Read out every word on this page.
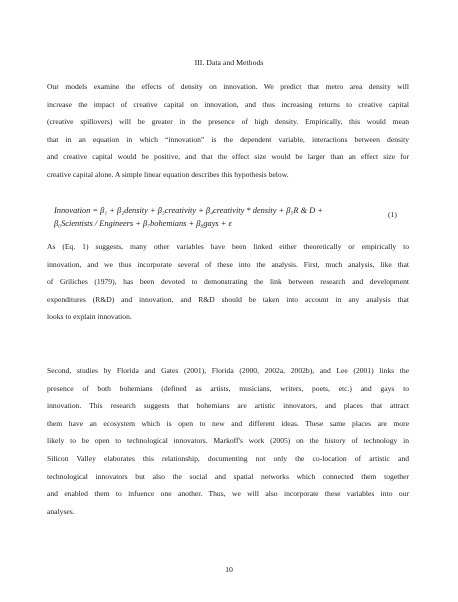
III. Data and Methods
Our models examine the effects of density on innovation. We predict that metro area density will
increase the impact of creative capital on innovation, and thus increasing returns to creative capital
(creative spillovers) will be greater in the presence of high density. Empirically, this would mean
that in an equation in which “innovation” is the dependent variable, interactions between density
and creative capital would be positive, and that the effect size would be larger than an effect size for
creative capital alone. A simple linear equation describes this hypothesis below.
Innovation = β₁ + β₂density + β₃creativity + β₄creativity * density + β₅R & D +
β₆Scientists / Engineers + β₇bohemians + β₈gays + ε
(1)
As (Eq. 1) suggests, many other variables have been linked either theoretically or empirically to
innovation, and we thus incorporate several of these into the analysis. First, much analysis, like that
of Griliches (1979), has been devoted to demonstrating the link between research and development
expenditures (R&D) and innovation, and R&D should be taken into account in any analysis that
looks to explain innovation.
Second, studies by Florida and Gates (2001), Florida (2000, 2002a, 2002b), and Lee (2001) links the
presence of both bohemians (defined as artists, musicians, writers, poets, etc.) and gays to
innovation. This research suggests that bohemians are artistic innovators, and places that attract
them have an ecosystem which is open to new and different ideas. These same places are more
likely to be open to technological innovators. Markoff's work (2005) on the history of technology in
Silicon Valley elaborates this relationship, documenting not only the co-location of artistic and
technological innovators but also the social and spatial networks which connected them together
and enabled them to infuence one another. Thus, we will also incorporate these variables into our
analyses.
10
